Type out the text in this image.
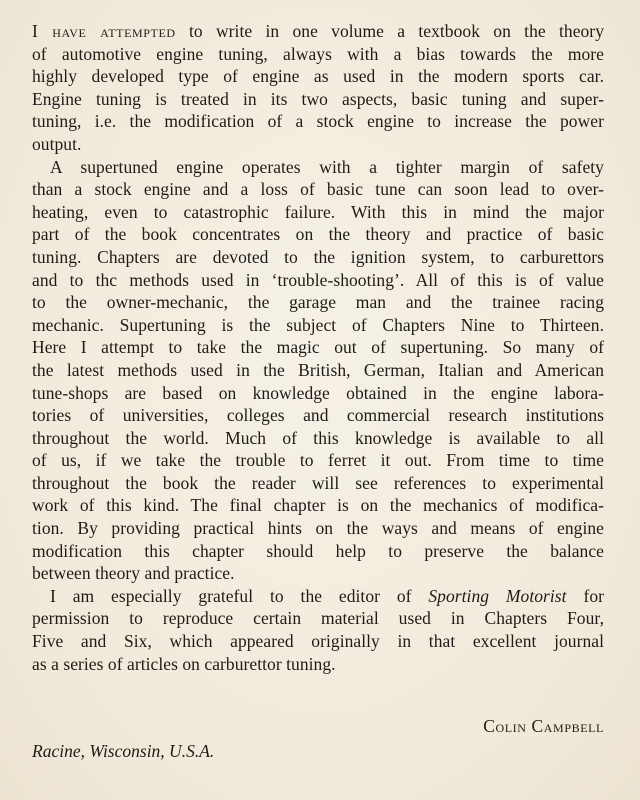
I have attempted to write in one volume a textbook on the theory
of automotive engine tuning, always with a bias towards the more
highly developed type of engine as used in the modern sports car.
Engine tuning is treated in its two aspects, basic tuning and super-
tuning, i.e. the modification of a stock engine to increase the power
output.
A supertuned engine operates with a tighter margin of safety
than a stock engine and a loss of basic tune can soon lead to over-
heating, even to catastrophic failure. With this in mind the major
part of the book concentrates on the theory and practice of basic
tuning. Chapters are devoted to the ignition system, to carburettors
and to thc methods used in ‘trouble-shooting’. All of this is of value
to the owner-mechanic, the garage man and the trainee racing
mechanic. Supertuning is the subject of Chapters Nine to Thirteen.
Here I attempt to take the magic out of supertuning. So many of
the latest methods used in the British, German, Italian and American
tune-shops are based on knowledge obtained in the engine labora-
tories of universities, colleges and commercial research institutions
throughout the world. Much of this knowledge is available to all
of us, if we take the trouble to ferret it out. From time to time
throughout the book the reader will see references to experimental
work of this kind. The final chapter is on the mechanics of modifica-
tion. By providing practical hints on the ways and means of engine
modification this chapter should help to preserve the balance
between theory and practice.
I am especially grateful to the editor of Sporting Motorist for
permission to reproduce certain material used in Chapters Four,
Five and Six, which appeared originally in that excellent journal
as a series of articles on carburettor tuning.
Colin Campbell
Racine, Wisconsin, U.S.A.
